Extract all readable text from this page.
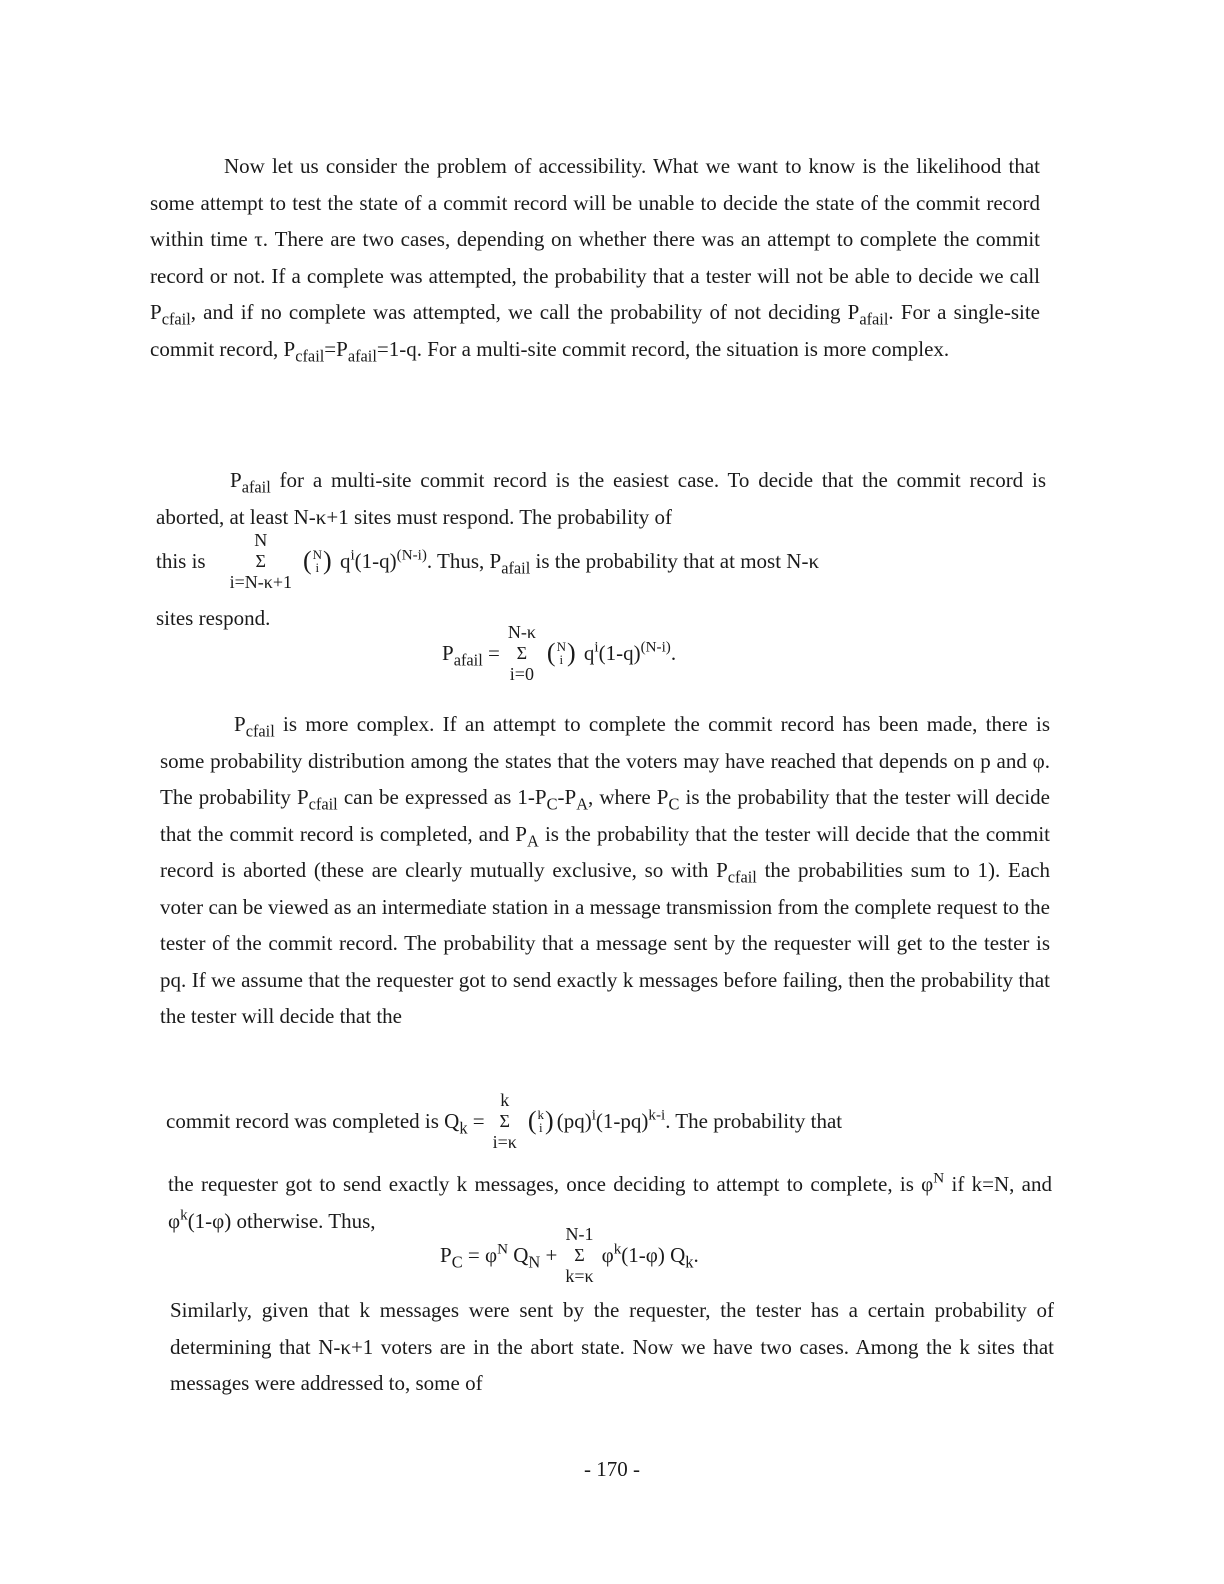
Now let us consider the problem of accessibility. What we want to know is the likelihood that some attempt to test the state of a commit record will be unable to decide the state of the commit record within time τ. There are two cases, depending on whether there was an attempt to complete the commit record or not. If a complete was attempted, the probability that a tester will not be able to decide we call $P_{cfail}$, and if no complete was attempted, we call the probability of not deciding $P_{afail}$. For a single-site commit record, $P_{cfail}=P_{afail}=1-q$. For a multi-site commit record, the situation is more complex.
$P_{afail}$ for a multi-site commit record is the easiest case. To decide that the commit record is aborted, at least N-κ+1 sites must respond. The probability of
this is
N
Σ
i=N-κ+1
( N
i ) $q^i(1-q)^{(N-i)}$. Thus, $P_{afail}$ is the probability that at most N-κ
sites respond.
$P_{afail}$ =
N-κ
Σ
i=0
( N
i ) $q^i(1-q)^{(N-i)}$.
$P_{cfail}$ is more complex. If an attempt to complete the commit record has been made, there is some probability distribution among the states that the voters may have reached that depends on p and φ. The probability $P_{cfail}$ can be expressed as $1-P_C-P_A$, where $P_C$ is the probability that the tester will decide that the commit record is completed, and $P_A$ is the probability that the tester will decide that the commit record is aborted (these are clearly mutually exclusive, so with $P_{cfail}$ the probabilities sum to 1). Each voter can be viewed as an intermediate station in a message transmission from the complete request to the tester of the commit record. The probability that a message sent by the requester will get to the tester is pq. If we assume that the requester got to send exactly k messages before failing, then the probability that the tester will decide that the
commit record was completed is $Q_k$ =
k
Σ
i=κ
( k
i ) $(pq)^i(1-pq)^{k-i}$. The probability that
the requester got to send exactly k messages, once deciding to attempt to complete, is $\varphi^N$ if k=N, and $\varphi^k(1-\varphi)$ otherwise. Thus,
$P_C = \varphi^N$ $Q_N$ +
N-1
Σ
k=κ
$\varphi^k(1-\varphi)$ $Q_k$.
Similarly, given that k messages were sent by the requester, the tester has a certain probability of determining that N-κ+1 voters are in the abort state. Now we have two cases. Among the k sites that messages were addressed to, some of
- 170 -
